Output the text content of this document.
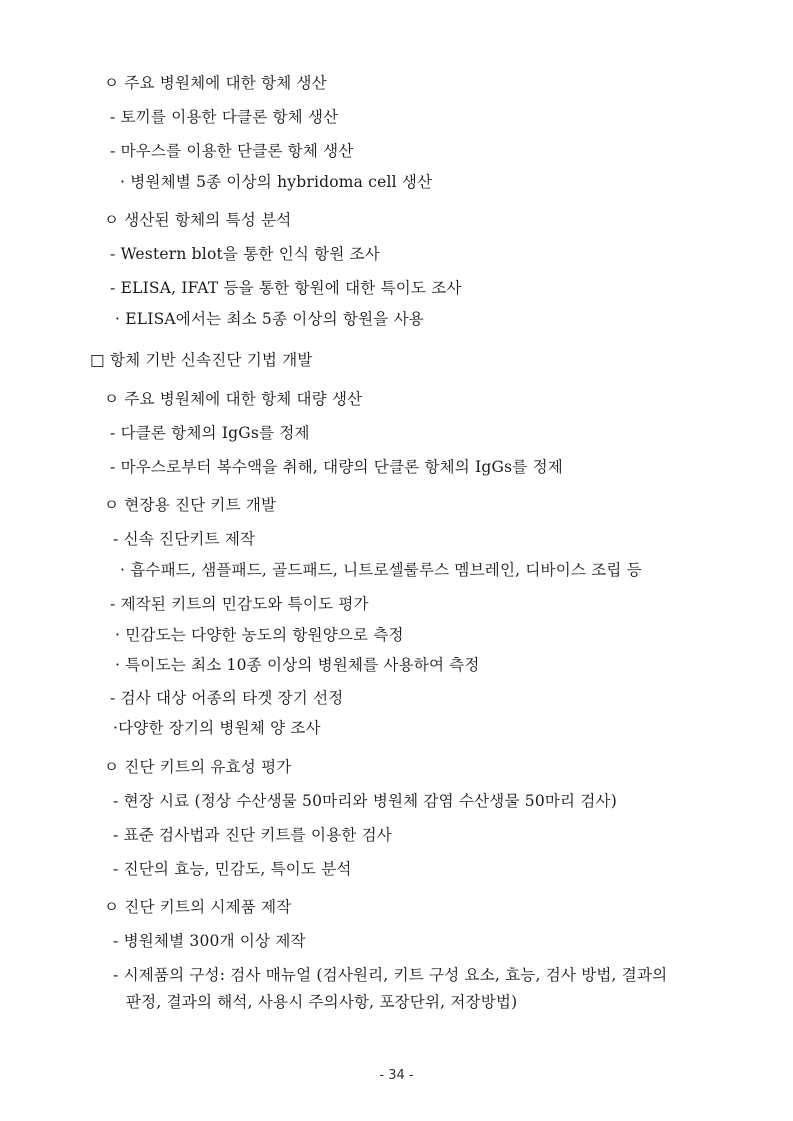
ㅇ 주요 병원체에 대한 항체 생산
- 토끼를 이용한 다클론 항체 생산
- 마우스를 이용한 단클론 항체 생산
· 병원체별 5종 이상의 hybridoma cell 생산
ㅇ 생산된 항체의 특성 분석
- Western blot을 통한 인식 항원 조사
- ELISA, IFAT 등을 통한 항원에 대한 특이도 조사
· ELISA에서는 최소 5종 이상의 항원을 사용
□ 항체 기반 신속진단 기법 개발
ㅇ 주요 병원체에 대한 항체 대량 생산
- 다클론 항체의 IgGs를 정제
- 마우스로부터 복수액을 취해, 대량의 단클론 항체의 IgGs를 정제
ㅇ 현장용 진단 키트 개발
- 신속 진단키트 제작
· 흡수패드, 샘플패드, 골드패드, 니트로셀룰루스 멤브레인, 디바이스 조립 등
- 제작된 키트의 민감도와 특이도 평가
· 민감도는 다양한 농도의 항원양으로 측정
· 특이도는 최소 10종 이상의 병원체를 사용하여 측정
- 검사 대상 어종의 타겟 장기 선정
·다양한 장기의 병원체 양 조사
ㅇ 진단 키트의 유효성 평가
- 현장 시료 (정상 수산생물 50마리와 병원체 감염 수산생물 50마리 검사)
- 표준 검사법과 진단 키트를 이용한 검사
- 진단의 효능, 민감도, 특이도 분석
ㅇ 진단 키트의 시제품 제작
- 병원체별 300개 이상 제작
- 시제품의 구성: 검사 매뉴얼 (검사원리, 키트 구성 요소, 효능, 검사 방법, 결과의
판정, 결과의 해석, 사용시 주의사항, 포장단위, 저장방법)
- 34 -
